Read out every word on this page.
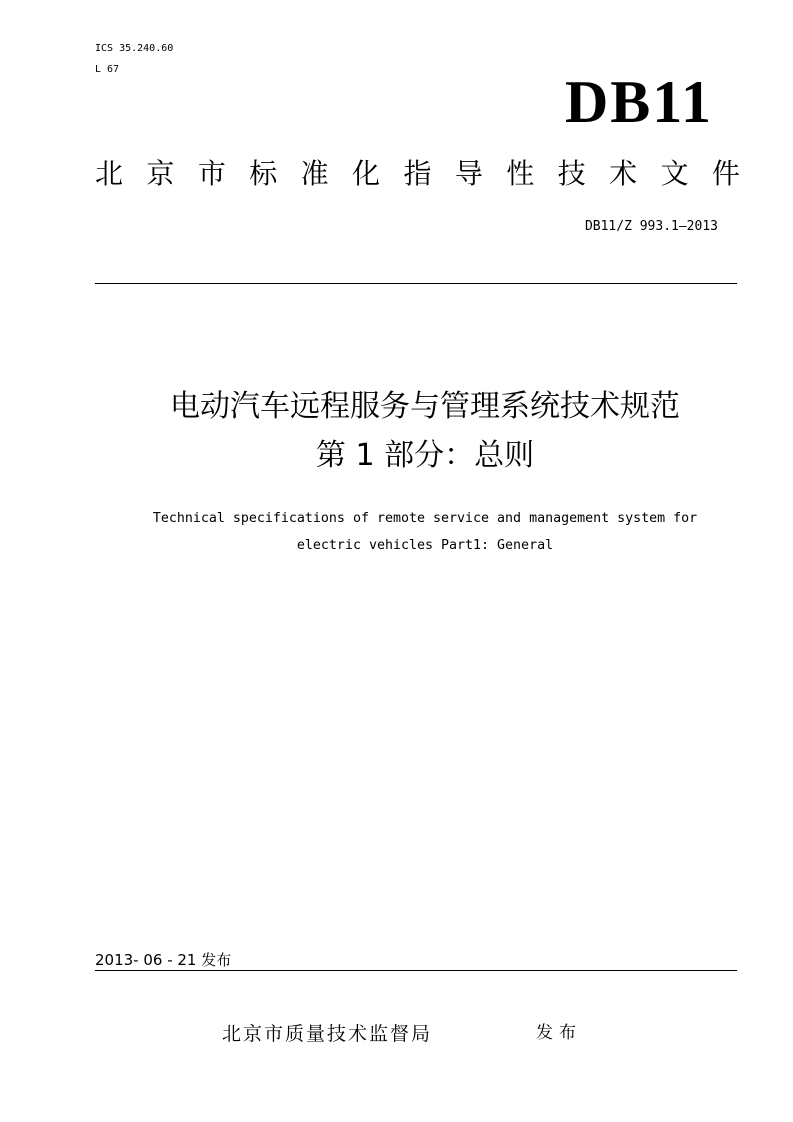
ICS 35.240.60
L 67	DB11
北 京 市 标 准 化 指 导 性 技 术 文 件
DB11/Z 993.1—2013
电动汽车远程服务与管理系统技术规范
第 1 部分：总则
Technical specifications of remote service and management system for
electric vehicles Part1: General
2013- 06 - 21 发布
北京市质量技术监督局	发布
